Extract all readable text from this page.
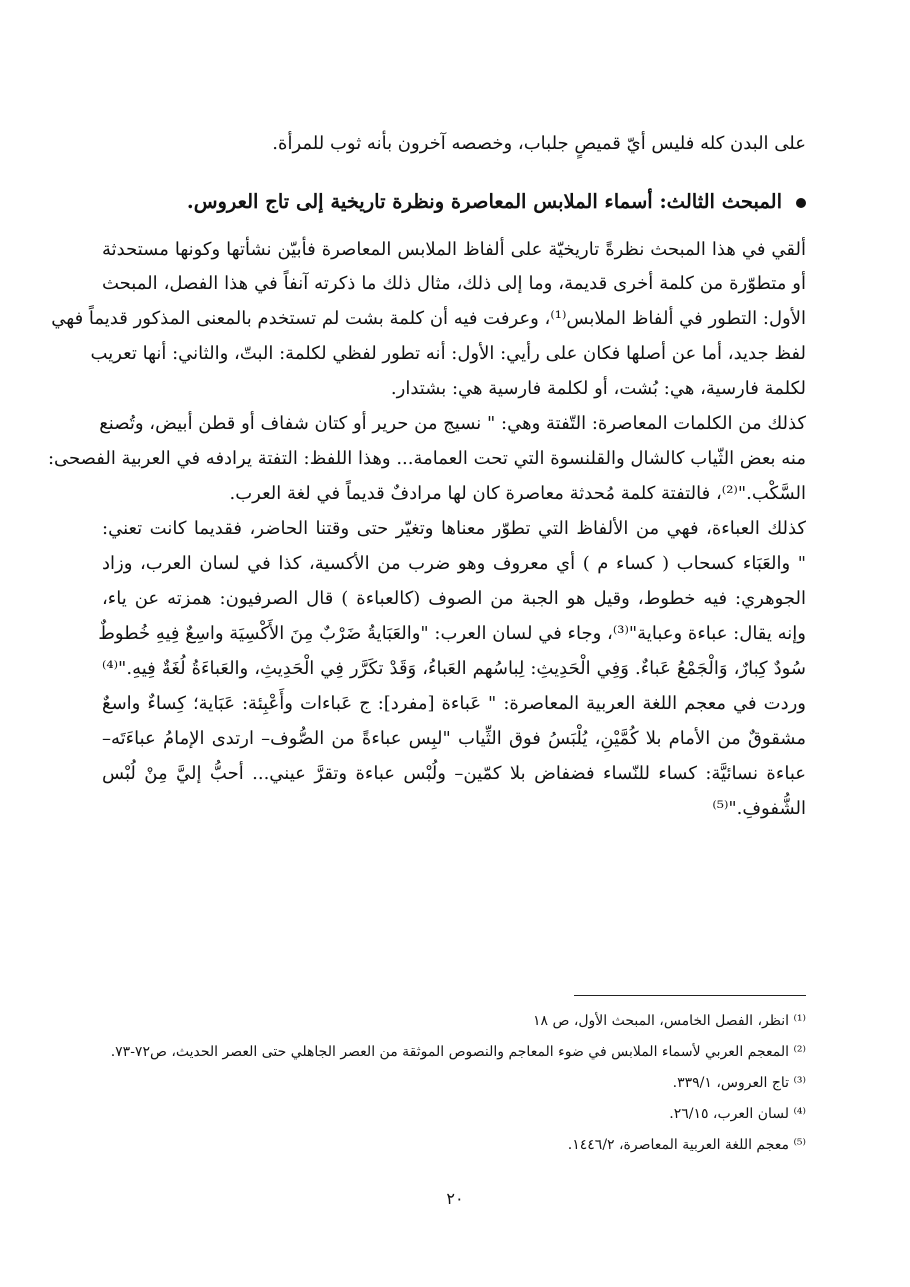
على البدن كله فليس أيّ قميصٍ جلباب، وخصصه آخرون بأنه ثوب للمرأة.
المبحث الثالث: أسماء الملابس المعاصرة ونظرة تاريخية إلى تاج العروس.
ألقي في هذا المبحث نظرةً تاريخيّة على ألفاظ الملابس المعاصرة فأبيّن نشأتها وكونها مستحدثة
أو متطوّرة من كلمة أخرى قديمة، وما إلى ذلك، مثال ذلك ما ذكرته آنفاً في هذا الفصل، المبحث
الأول: التطور في ألفاظ الملابس⁽¹⁾، وعرفت فيه أن كلمة بشت لم تستخدم بالمعنى المذكور قديماً فهي
لفظ جديد، أما عن أصلها فكان على رأيي: الأول: أنه تطور لفظي لكلمة: البتّ، والثاني: أنها تعريب
لكلمة فارسية، هي: بُشت، أو لكلمة فارسية هي: بشتدار.
كذلك من الكلمات المعاصرة: التّفتة وهي: " نسيج من حرير أو كتان شفاف أو قطن أبيض، وتُصنع
منه بعض الثّياب كالشال والقلنسوة التي تحت العمامة... وهذا اللفظ: التفتة يرادفه في العربية الفصحى:
السَّكْب."⁽²⁾، فالتفتة كلمة مُحدثة معاصرة كان لها مرادفٌ قديماً في لغة العرب.
كذلك العباءة، فهي من الألفاظ التي تطوّر معناها وتغيّر حتى وقتنا الحاضر، فقديما كانت تعني:
" والعَبَاء كسحاب ( كساء م ) أي معروف وهو ضرب من الأكسية، كذا في لسان العرب، وزاد
الجوهري: فيه خطوط، وقيل هو الجبة من الصوف (كالعباءة ) قال الصرفيون: همزته عن ياء،
وإنه يقال: عباءة وعباية"⁽³⁾، وجاء في لسان العرب: "والعَبَايةُ ضَرْبٌ مِنَ الأَكْسِيَة واسِعٌ فِيهِ خُطوطٌ
سُودٌ كِبارٌ، وَالْجَمْعُ عَباءٌ. وَفِي الْحَدِيثِ: لِباسُهم العَباءُ، وَقَدْ تكَرَّر فِي الْحَدِيثِ، والعَباءَةُ لُغَةٌ فِيهِ."⁽⁴⁾
وردت في معجم اللغة العربية المعاصرة: " عَباءة [مفرد]: ج عَباءات وأَعْبِئة: عَبَاية؛ كِساءٌ واسعٌ
مشقوقٌ من الأمام بلا كُمَّيْنِ، يُلْبَسُ فوق الثِّياب "لبِس عباءةً من الصُّوف– ارتدى الإمامُ عباءَتَه–
عباءة نسائيَّة: كساء للنّساء فضفاض بلا كمّين– ولُبْس عباءة وتقرَّ عيني... أحبُّ إليَّ مِنْ لُبْس
الشُّفوفِ."⁽⁵⁾
⁽¹⁾ انظر، الفصل الخامس، المبحث الأول، ص ١٨
⁽²⁾ المعجم العربي لأسماء الملابس في ضوء المعاجم والنصوص الموثقة من العصر الجاهلي حتى العصر الحديث، ص٧٢-٧٣.
⁽³⁾ تاج العروس، ٣٣٩/١.
⁽⁴⁾ لسان العرب، ٢٦/١٥.
⁽⁵⁾ معجم اللغة العربية المعاصرة، ١٤٤٦/٢.
٢٠
